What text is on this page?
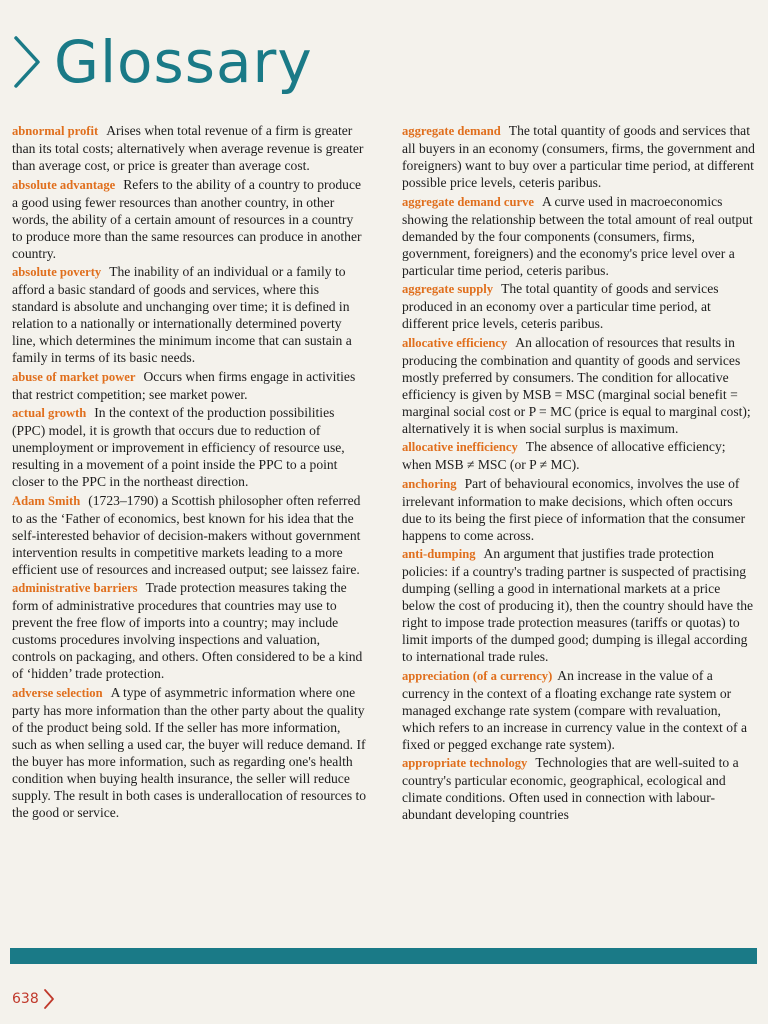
Glossary

abnormal profit Arises when total revenue of a firm is greater than its total costs; alternatively when average revenue is greater than average cost, or price is greater than average cost.

absolute advantage Refers to the ability of a country to produce a good using fewer resources than another country, in other words, the ability of a certain amount of resources in a country to produce more than the same resources can produce in another country.

absolute poverty The inability of an individual or a family to afford a basic standard of goods and services, where this standard is absolute and unchanging over time; it is defined in relation to a nationally or internationally determined poverty line, which determines the minimum income that can sustain a family in terms of its basic needs.

abuse of market power Occurs when firms engage in activities that restrict competition; see market power.

actual growth In the context of the production possibilities (PPC) model, it is growth that occurs due to reduction of unemployment or improvement in efficiency of resource use, resulting in a movement of a point inside the PPC to a point closer to the PPC in the northeast direction.

Adam Smith (1723–1790) a Scottish philosopher often referred to as the ‘Father of economics, best known for his idea that the self-interested behavior of decision-makers without government intervention results in competitive markets leading to a more efficient use of resources and increased output; see laissez faire.

administrative barriers Trade protection measures taking the form of administrative procedures that countries may use to prevent the free flow of imports into a country; may include customs procedures involving inspections and valuation, controls on packaging, and others. Often considered to be a kind of ‘hidden’ trade protection.

adverse selection A type of asymmetric information where one party has more information than the other party about the quality of the product being sold. If the seller has more information, such as when selling a used car, the buyer will reduce demand. If the buyer has more information, such as regarding one's health condition when buying health insurance, the seller will reduce supply. The result in both cases is underallocation of resources to the good or service.

aggregate demand The total quantity of goods and services that all buyers in an economy (consumers, firms, the government and foreigners) want to buy over a particular time period, at different possible price levels, ceteris paribus.

aggregate demand curve A curve used in macroeconomics showing the relationship between the total amount of real output demanded by the four components (consumers, firms, government, foreigners) and the economy's price level over a particular time period, ceteris paribus.

aggregate supply The total quantity of goods and services produced in an economy over a particular time period, at different price levels, ceteris paribus.

allocative efficiency An allocation of resources that results in producing the combination and quantity of goods and services mostly preferred by consumers. The condition for allocative efficiency is given by MSB = MSC (marginal social benefit = marginal social cost or P = MC (price is equal to marginal cost); alternatively it is when social surplus is maximum.

allocative inefficiency The absence of allocative efficiency; when MSB ≠ MSC (or P ≠ MC).

anchoring Part of behavioural economics, involves the use of irrelevant information to make decisions, which often occurs due to its being the first piece of information that the consumer happens to come across.

anti-dumping An argument that justifies trade protection policies: if a country's trading partner is suspected of practising dumping (selling a good in international markets at a price below the cost of producing it), then the country should have the right to impose trade protection measures (tariffs or quotas) to limit imports of the dumped good; dumping is illegal according to international trade rules.

appreciation (of a currency) An increase in the value of a currency in the context of a floating exchange rate system or managed exchange rate system (compare with revaluation, which refers to an increase in currency value in the context of a fixed or pegged exchange rate system).

appropriate technology Technologies that are well-suited to a country's particular economic, geographical, ecological and climate conditions. Often used in connection with labour-abundant developing countries

638
